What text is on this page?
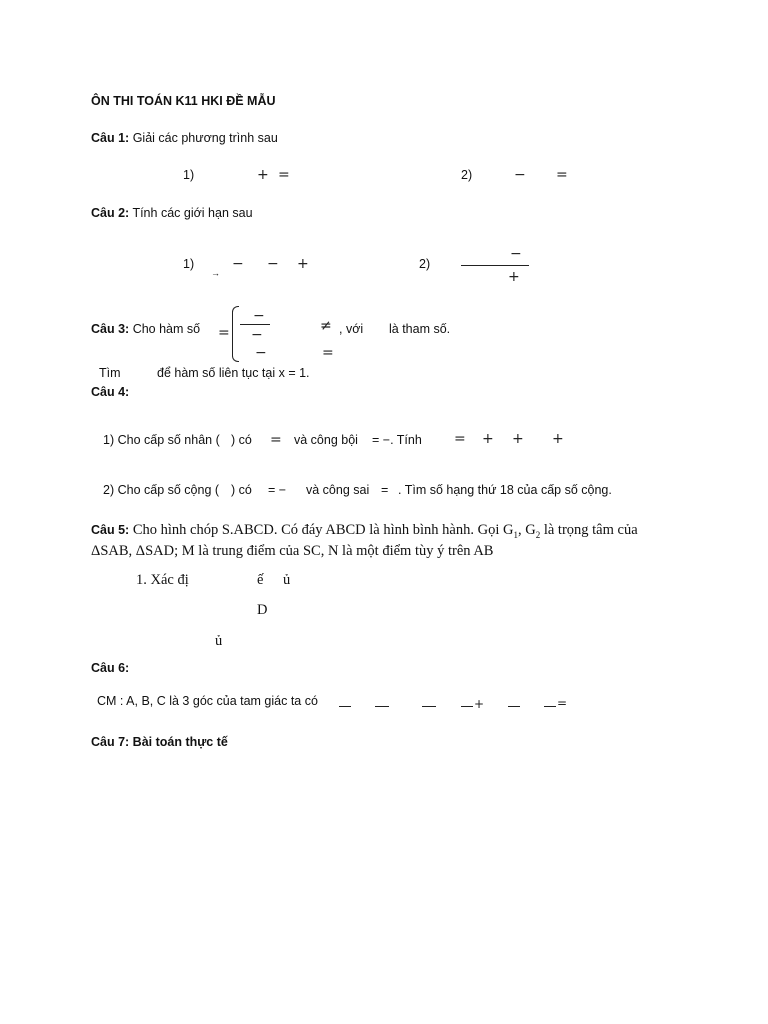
ÔN THI TOÁN K11 HKI ĐỀ MẪU
Câu 1: Giải các phương trình sau
1)	+ =	2)	− =
Câu 2: Tính các giới hạn sau
1)
→
− − +	2)
−
+
Câu 3: Cho hàm số =
−
−
−
≠ , với là tham số.
=
Tìm	để hàm số liên tục tại x = 1.
Câu 4:
1) Cho cấp số nhân ( ) có = và công bội = −. Tính = + + +
2) Cho cấp số cộng ( ) có = − và công sai = . Tìm số hạng thứ 18 của cấp số cộng.
Câu 5: Cho hình chóp S.ABCD. Có đáy ABCD là hình bình hành. Gọi $G_1$, $G_2$ là trọng tâm của
ΔSAB, ΔSAD; M là trung điểm của SC, N là một điểm tùy ý trên AB
1. Xác đị	ế ủ
D
ủ
Câu 6:
CM : A, B, C là 3 góc của tam giác ta có	+	=
Câu 7: Bài toán thực tế
